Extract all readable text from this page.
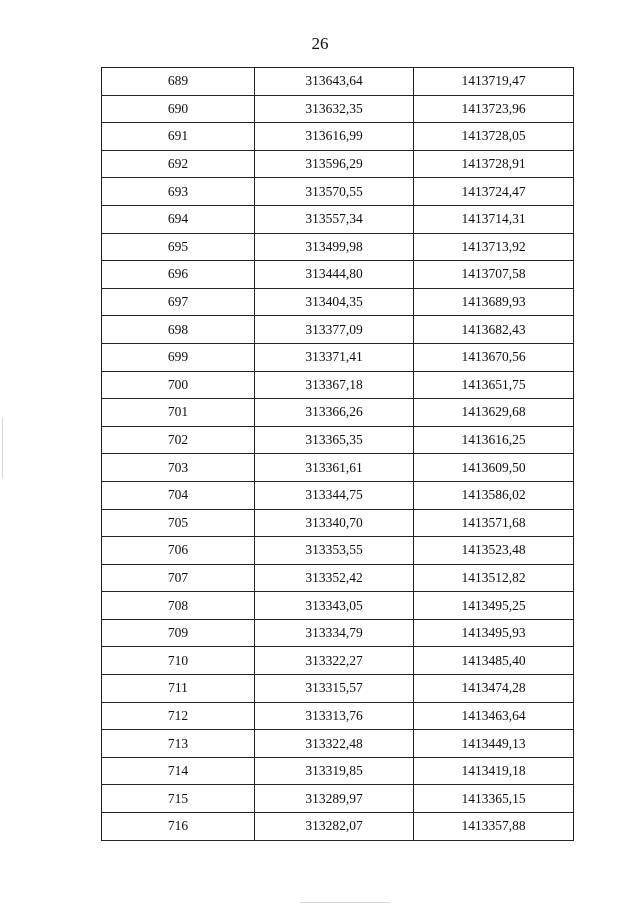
26
689	313643,64	1413719,47
690	313632,35	1413723,96
691	313616,99	1413728,05
692	313596,29	1413728,91
693	313570,55	1413724,47
694	313557,34	1413714,31
695	313499,98	1413713,92
696	313444,80	1413707,58
697	313404,35	1413689,93
698	313377,09	1413682,43
699	313371,41	1413670,56
700	313367,18	1413651,75
701	313366,26	1413629,68
702	313365,35	1413616,25
703	313361,61	1413609,50
704	313344,75	1413586,02
705	313340,70	1413571,68
706	313353,55	1413523,48
707	313352,42	1413512,82
708	313343,05	1413495,25
709	313334,79	1413495,93
710	313322,27	1413485,40
711	313315,57	1413474,28
712	313313,76	1413463,64
713	313322,48	1413449,13
714	313319,85	1413419,18
715	313289,97	1413365,15
716	313282,07	1413357,88
